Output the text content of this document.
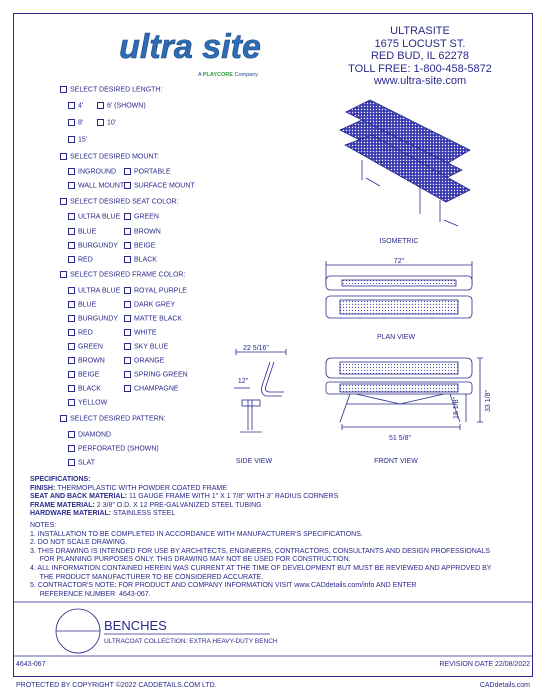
ultra site
A PLAYCORE Company
ULTRASITE
1675 LOCUST ST.
RED BUD, IL 62278
TOLL FREE: 1-800-458-5872
www.ultra-site.com
SELECT DESIRED LENGTH:
4'	6' (SHOWN)
8'	10'
15'
SELECT DESIRED MOUNT:
INGROUND	PORTABLE
WALL MOUNT	SURFACE MOUNT
SELECT DESIRED SEAT COLOR:
ULTRA BLUE	GREEN
BLUE	BROWN
BURGUNDY	BEIGE
RED	BLACK
SELECT DESIRED FRAME COLOR:
ULTRA BLUE	ROYAL PURPLE
BLUE	DARK GREY
BURGUNDY	MATTE BLACK
RED	WHITE
GREEN	SKY BLUE
BROWN	ORANGE
BEIGE	SPRING GREEN
BLACK	CHAMPAGNE
YELLOW
SELECT DESIRED PATTERN:
DIAMOND
PERFORATED (SHOWN)
SLAT
ISOMETRIC
72"
PLAN VIEW
22 5/16"
12"
SIDE VIEW
51 5/8"
33 1/8"
18 1/8"
FRONT VIEW
SPECIFICATIONS:
FINISH: THERMOPLASTIC WITH POWDER COATED FRAME
SEAT AND BACK MATERIAL: 11 GAUGE FRAME WITH 1" X 1 7/8" WITH 3" RADIUS CORNERS
FRAME MATERIAL: 2 3/8" O.D. X 12 PRE-GALVANIZED STEEL TUBING
HARDWARE MATERIAL: STAINLESS STEEL
NOTES:
1. INSTALLATION TO BE COMPLETED IN ACCORDANCE WITH MANUFACTURER'S SPECIFICATIONS.
2. DO NOT SCALE DRAWING.
3. THIS DRAWING IS INTENDED FOR USE BY ARCHITECTS, ENGINEERS, CONTRACTORS, CONSULTANTS AND DESIGN PROFESSIONALS
FOR PLANNING PURPOSES ONLY. THIS DRAWING MAY NOT BE USED FOR CONSTRUCTION.
4. ALL INFORMATION CONTAINED HEREIN WAS CURRENT AT THE TIME OF DEVELOPMENT BUT MUST BE REVIEWED AND APPROVED BY
THE PRODUCT MANUFACTURER TO BE CONSIDERED ACCURATE.
5. CONTRACTOR'S NOTE: FOR PRODUCT AND COMPANY INFORMATION VISIT www.CADdetails.com/info AND ENTER
REFERENCE NUMBER  4643-067.
BENCHES
ULTRACOAT COLLECTION: EXTRA HEAVY-DUTY BENCH
4643-067	REVISION DATE 22/08/2022
PROTECTED BY COPYRIGHT ©2022 CADDETAILS.COM LTD.	CADdetails.com
